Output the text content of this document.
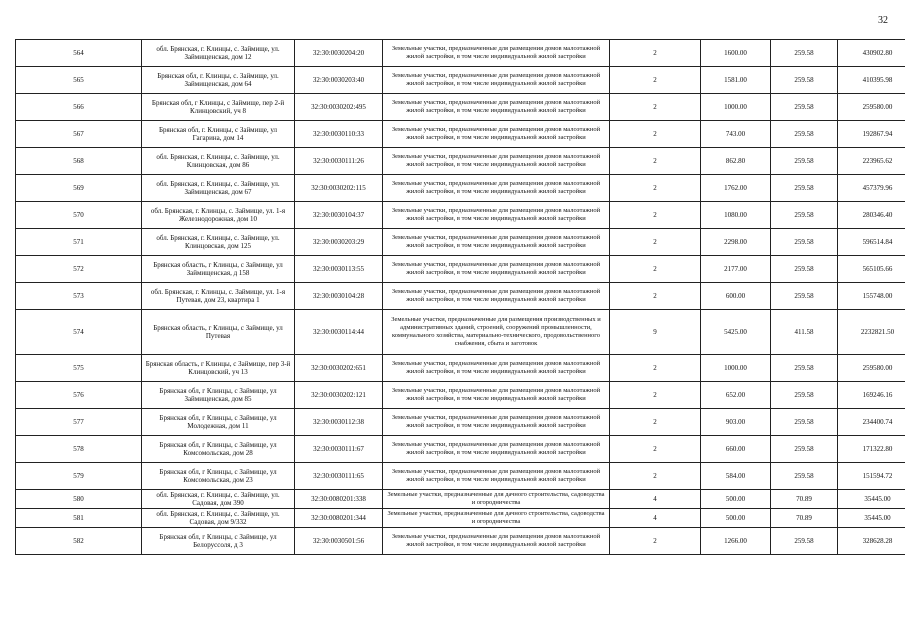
32
564	обл. Брянская, г. Клинцы, с. Займище, ул. Займищенская, дом 12	32:30:0030204:20	Земельные участки, предназначенные для размещения домов малоэтажной жилой застройки, в том числе индивидуальной жилой застройки	2	1600.00	259.58	430902.80
565	Брянская обл, г. Клинцы, с. Займище, ул. Займищенская, дом 64	32:30:0030203:40	Земельные участки, предназначенные для размещения домов малоэтажной жилой застройки, в том числе индивидуальной жилой застройки	2	1581.00	259.58	410395.98
566	Брянская обл, г Клинцы, с Займище, пер 2-й Клинцовский, уч 8	32:30:0030202:495	Земельные участки, предназначенные для размещения домов малоэтажной жилой застройки, в том числе индивидуальной жилой застройки	2	1000.00	259.58	259580.00
567	Брянская обл, г. Клинцы, с Займище, ул Гагарина, дом 14	32:30:0030110:33	Земельные участки, предназначенные для размещения домов малоэтажной жилой застройки, в том числе индивидуальной жилой застройки	2	743.00	259.58	192867.94
568	обл. Брянская, г. Клинцы, с. Займище, ул. Клинцовская, дом 86	32:30:0030111:26	Земельные участки, предназначенные для размещения домов малоэтажной жилой застройки, в том числе индивидуальной жилой застройки	2	862.80	259.58	223965.62
569	обл. Брянская, г. Клинцы, с. Займище, ул. Займищенская, дом 67	32:30:0030202:115	Земельные участки, предназначенные для размещения домов малоэтажной жилой застройки, в том числе индивидуальной жилой застройки	2	1762.00	259.58	457379.96
570	обл. Брянская, г. Клинцы, с. Займище, ул. 1-я Железнодорожная, дом 10	32:30:0030104:37	Земельные участки, предназначенные для размещения домов малоэтажной жилой застройки, в том числе индивидуальной жилой застройки	2	1080.00	259.58	280346.40
571	обл. Брянская, г. Клинцы, с. Займище, ул. Клинцовская, дом 125	32:30:0030203:29	Земельные участки, предназначенные для размещения домов малоэтажной жилой застройки, в том числе индивидуальной жилой застройки	2	2298.00	259.58	596514.84
572	Брянская область, г Клинцы, с Займище, ул Займищенская, д 158	32:30:0030113:55	Земельные участки, предназначенные для размещения домов малоэтажной жилой застройки, в том числе индивидуальной жилой застройки	2	2177.00	259.58	565105.66
573	обл. Брянская, г. Клинцы, с. Займище, ул. 1-я Путевая, дом 23, квартира 1	32:30:0030104:28	Земельные участки, предназначенные для размещения домов малоэтажной жилой застройки, в том числе индивидуальной жилой застройки	2	600.00	259.58	155748.00
574	Брянская область, г Клинцы, с Займище, ул Путевая	32:30:0030114:44	Земельные участки, предназначенные для размещения производственных и административных зданий, строений, сооружений промышленности, коммунального хозяйства, материально-технического, продовольственного снабжения, сбыта и заготовок	9	5425.00	411.58	2232821.50
575	Брянская область, г Клинцы, с Займище, пер 3-й Клинцовский, уч 13	32:30:0030202:651	Земельные участки, предназначенные для размещения домов малоэтажной жилой застройки, в том числе индивидуальной жилой застройки	2	1000.00	259.58	259580.00
576	Брянская обл, г Клинцы, с Займище, ул Займищенская, дом 85	32:30:0030202:121	Земельные участки, предназначенные для размещения домов малоэтажной жилой застройки, в том числе индивидуальной жилой застройки	2	652.00	259.58	169246.16
577	Брянская обл, г Клинцы, с Займище, ул Молодежная, дом 11	32:30:0030112:38	Земельные участки, предназначенные для размещения домов малоэтажной жилой застройки, в том числе индивидуальной жилой застройки	2	903.00	259.58	234400.74
578	Брянская обл, г Клинцы, с Займище, ул Комсомольская, дом 28	32:30:0030111:67	Земельные участки, предназначенные для размещения домов малоэтажной жилой застройки, в том числе индивидуальной жилой застройки	2	660.00	259.58	171322.80
579	Брянская обл, г Клинцы, с Займище, ул Комсомольская, дом 23	32:30:0030111:65	Земельные участки, предназначенные для размещения домов малоэтажной жилой застройки, в том числе индивидуальной жилой застройки	2	584.00	259.58	151594.72
580	обл. Брянская, г. Клинцы, с. Займище, ул. Садовая, дом 390	32:30:0080201:338	Земельные участки, предназначенные для дачного строительства, садоводства и огородничества	4	500.00	70.89	35445.00
581	обл. Брянская, г. Клинцы, с. Займище, ул. Садовая, дом 9/332	32:30:0080201:344	Земельные участки, предназначенные для дачного строительства, садоводства и огородничества	4	500.00	70.89	35445.00
582	Брянская обл, г Клинцы, с Займище, ул Белоруссоля, д 3	32:30:0030501:56	Земельные участки, предназначенные для размещения домов малоэтажной жилой застройки, в том числе индивидуальной жилой застройки	2	1266.00	259.58	328628.28
